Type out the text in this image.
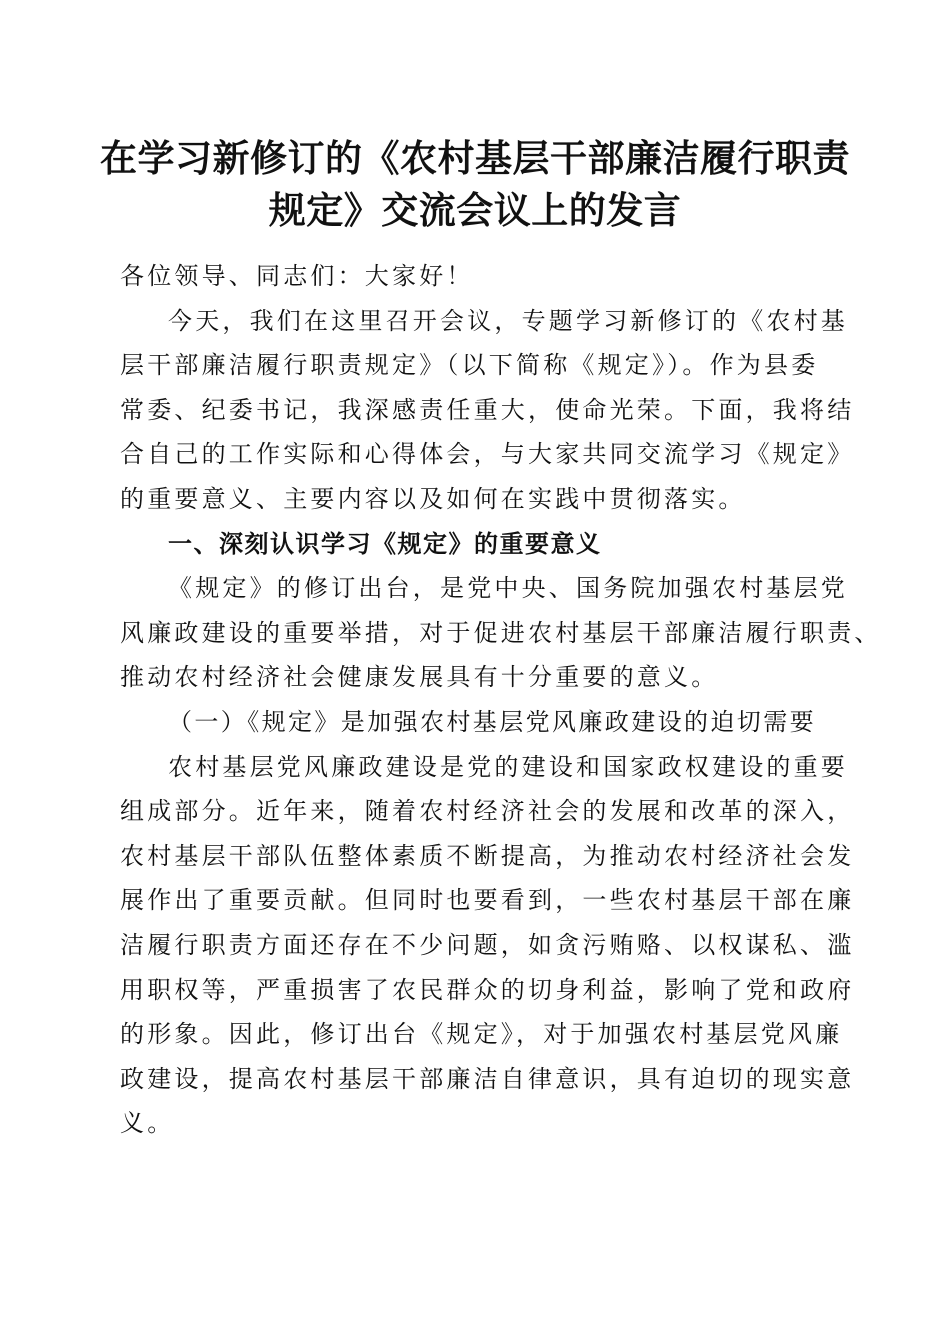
在学习新修订的《农村基层干部廉洁履行职责
规定》交流会议上的发言
各位领导、同志们：大家好！
今天，我们在这里召开会议，专题学习新修订的《农村基
层干部廉洁履行职责规定》（以下简称《规定》）。作为县委
常委、纪委书记，我深感责任重大，使命光荣。下面，我将结
合自己的工作实际和心得体会，与大家共同交流学习《规定》
的重要意义、主要内容以及如何在实践中贯彻落实。
一、深刻认识学习《规定》的重要意义
《规定》的修订出台，是党中央、国务院加强农村基层党
风廉政建设的重要举措，对于促进农村基层干部廉洁履行职责、
推动农村经济社会健康发展具有十分重要的意义。
（一）《规定》是加强农村基层党风廉政建设的迫切需要
农村基层党风廉政建设是党的建设和国家政权建设的重要
组成部分。近年来，随着农村经济社会的发展和改革的深入，
农村基层干部队伍整体素质不断提高，为推动农村经济社会发
展作出了重要贡献。但同时也要看到，一些农村基层干部在廉
洁履行职责方面还存在不少问题，如贪污贿赂、以权谋私、滥
用职权等，严重损害了农民群众的切身利益，影响了党和政府
的形象。因此，修订出台《规定》，对于加强农村基层党风廉
政建设，提高农村基层干部廉洁自律意识，具有迫切的现实意
义。
